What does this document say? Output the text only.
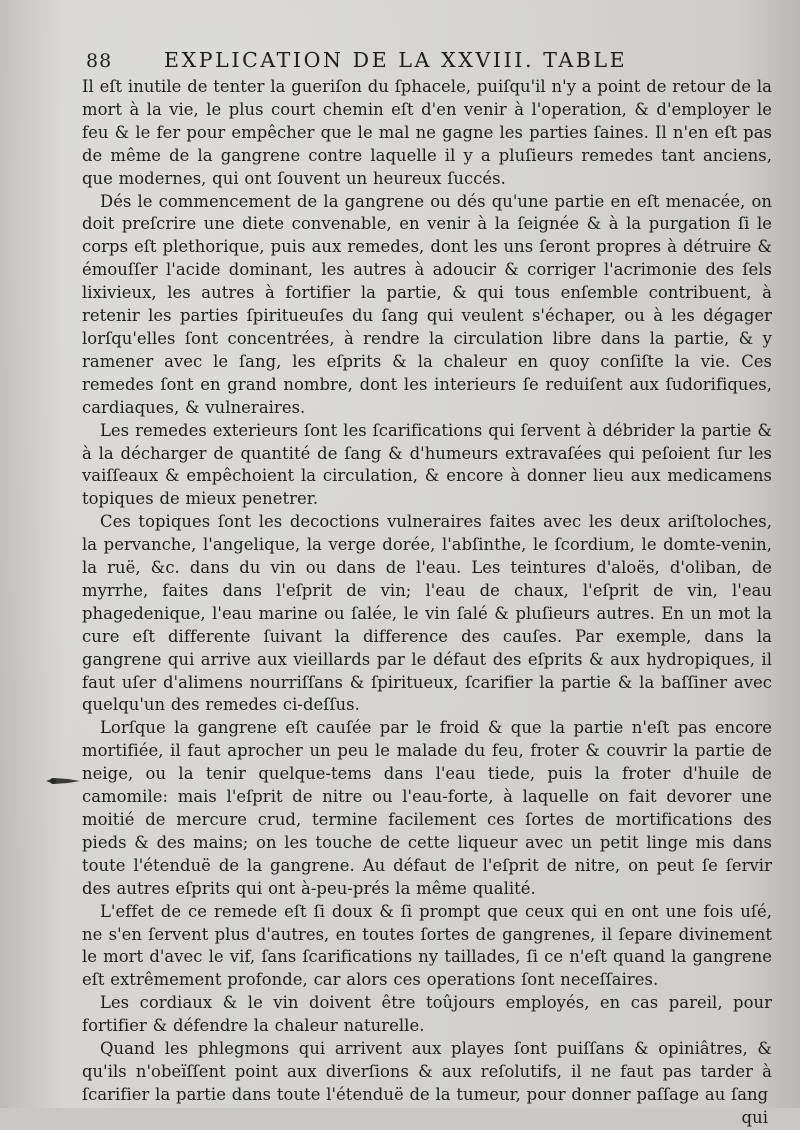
88	EXPLICATION DE LA XXVIII. TABLE

Il eſt inutile de tenter la gueriſon du ſphacele, puiſqu'il n'y a point de retour de la mort à la vie, le plus court chemin eſt d'en venir à l'operation, & d'employer le feu & le fer pour empêcher que le mal ne gagne les parties ſaines. Il n'en eſt pas de même de la gangrene contre laquelle il y a pluſieurs remedes tant anciens, que modernes, qui ont ſouvent un heureux ſuccés.

Dés le commencement de la gangrene ou dés qu'une partie en eſt menacée, on doit preſcrire une diete convenable, en venir à la ſeignée & à la purgation ſi le corps eſt plethorique, puis aux remedes, dont les uns ſeront propres à détruire & émouſſer l'acide dominant, les autres à adoucir & corriger l'acrimonie des ſels lixivieux, les autres à fortifier la partie, & qui tous enſemble contribuent, à retenir les parties ſpiritueuſes du ſang qui veulent s'échaper, ou à les dégager lorſqu'elles ſont concentrées, à rendre la circulation libre dans la partie, & y ramener avec le ſang, les eſprits & la chaleur en quoy conſiſte la vie. Ces remedes ſont en grand nombre, dont les interieurs ſe reduiſent aux ſudorifiques, cardiaques, & vulneraires.

Les remedes exterieurs ſont les ſcarifications qui ſervent à débrider la partie & à la décharger de quantité de ſang & d'humeurs extravaſées qui peſoient ſur les vaiſſeaux & empêchoient la circulation, & encore à donner lieu aux medicamens topiques de mieux penetrer.

Ces topiques ſont les decoctions vulneraires faites avec les deux ariſtoloches, la pervanche, l'angelique, la verge dorée, l'abſinthe, le ſcordium, le domte-venin, la ruë, &c. dans du vin ou dans de l'eau. Les teintures d'aloës, d'oliban, de myrrhe, faites dans l'eſprit de vin; l'eau de chaux, l'eſprit de vin, l'eau phagedenique, l'eau marine ou ſalée, le vin ſalé & pluſieurs autres. En un mot la cure eſt differente ſuivant la difference des cauſes. Par exemple, dans la gangrene qui arrive aux vieillards par le défaut des eſprits & aux hydropiques, il faut uſer d'alimens nourriſſans & ſpiritueux, ſcarifier la partie & la baſſiner avec quelqu'un des remedes ci-deſſus.

Lorſque la gangrene eſt cauſée par le froid & que la partie n'eſt pas encore mortifiée, il faut aprocher un peu le malade du feu, froter & couvrir la partie de neige, ou la tenir quelque-tems dans l'eau tiede, puis la froter d'huile de camomile: mais l'eſprit de nitre ou l'eau-forte, à laquelle on fait devorer une moitié de mercure crud, termine facilement ces ſortes de mortifications des pieds & des mains; on les touche de cette liqueur avec un petit linge mis dans toute l'étenduë de la gangrene. Au défaut de l'eſprit de nitre, on peut ſe ſervir des autres eſprits qui ont à-peu-prés la même qualité.

L'effet de ce remede eſt ſi doux & ſi prompt que ceux qui en ont une fois uſé, ne s'en ſervent plus d'autres, en toutes ſortes de gangrenes, il ſepare divinement le mort d'avec le vif, ſans ſcarifications ny taillades, ſi ce n'eſt quand la gangrene eſt extrêmement profonde, car alors ces operations ſont neceſſaires.

Les cordiaux & le vin doivent être toûjours employés, en cas pareil, pour fortifier & défendre la chaleur naturelle.

Quand les phlegmons qui arrivent aux playes ſont puiſſans & opiniâtres, & qu'ils n'obeïſſent point aux diverſions & aux reſolutifs, il ne faut pas tarder à ſcarifier la partie dans toute l'étenduë de la tumeur, pour donner paſſage au ſang

qui
